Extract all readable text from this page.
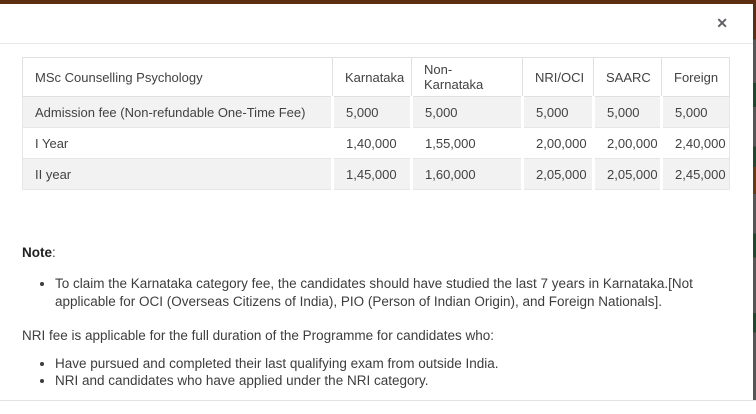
✕
MSc Counselling Psychology	Karnataka	Non-Karnataka	NRI/OCI	SAARC	Foreign
Admission fee (Non-refundable One-Time Fee)	5,000	5,000	5,000	5,000	5,000
I Year	1,40,000	1,55,000	2,00,000	2,00,000	2,40,000
II year	1,45,000	1,60,000	2,05,000	2,05,000	2,45,000
Note:
• To claim the Karnataka category fee, the candidates should have studied the last 7 years in Karnataka.[Not applicable for OCI (Overseas Citizens of India), PIO (Person of Indian Origin), and Foreign Nationals].
NRI fee is applicable for the full duration of the Programme for candidates who:
• Have pursued and completed their last qualifying exam from outside India.
• NRI and candidates who have applied under the NRI category.
